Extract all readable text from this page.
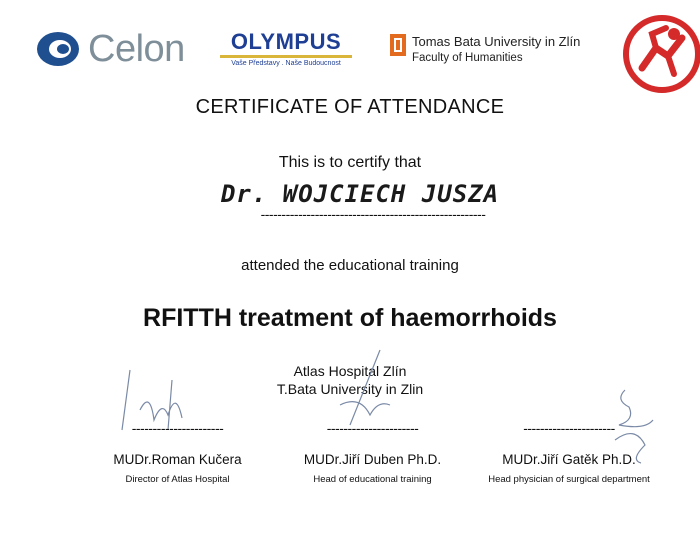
Celon	OLYMPUS
Vaše Představy . Naše Budoucnost
Tomas Bata University in Zlín
Faculty of Humanities
CERTIFICATE OF ATTENDANCE
This is to certify that
Dr. WOJCIECH JUSZA
------------------------------------------------------
attended the educational training
RFITTH treatment of haemorrhoids
Atlas Hospital Zlín
T.Bata University in Zlin
----------------------	----------------------	----------------------
MUDr.Roman Kučera	MUDr.Jiří Duben Ph.D.	MUDr.Jiří Gatěk Ph.D.
Director of Atlas Hospital	Head of educational training	Head physician of surgical department
